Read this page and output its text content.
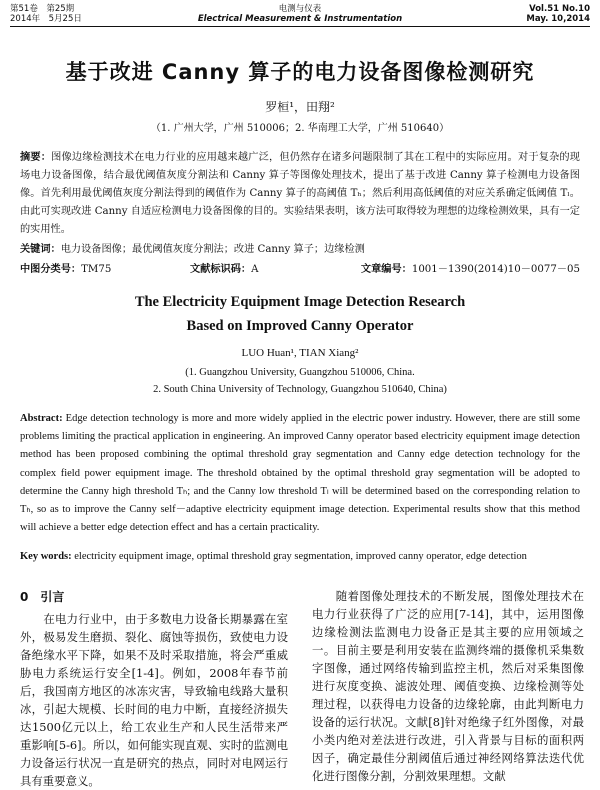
第51卷　第25期
2014年　5月25日
电测与仪表
Electrical Measurement & Instrumentation
Vol.51 No.10
May. 10,2014
基于改进 Canny 算子的电力设备图像检测研究
罗桓¹，田翔²
（1. 广州大学，广州 510006；2. 华南理工大学，广州 510640）
摘要：图像边缘检测技术在电力行业的应用越来越广泛，但仍然存在诸多问题限制了其在工程中的实际应用。对于复杂的现场电力设备图像，结合最优阈值灰度分割法和 Canny 算子等图像处理技术，提出了基于改进 Canny 算子检测电力设备图像。首先利用最优阈值灰度分割法得到的阈值作为 Canny 算子的高阈值 Tₕ；然后利用高低阈值的对应关系确定低阈值 Tₗ。由此可实现改进 Canny 自适应检测电力设备图像的目的。实验结果表明，该方法可取得较为理想的边缘检测效果，具有一定的实用性。
关键词：电力设备图像；最优阈值灰度分割法；改进 Canny 算子；边缘检测
中图分类号：TM75	文献标识码：A	文章编号：1001－1390(2014)10－0077－05
The Electricity Equipment Image Detection Research
Based on Improved Canny Operator
LUO Huan¹, TIAN Xiang²
(1. Guangzhou University, Guangzhou 510006, China.
2. South China University of Technology, Guangzhou 510640, China)
Abstract: Edge detection technology is more and more widely applied in the electric power industry. However, there are still some problems limiting the practical application in engineering. An improved Canny operator based electricity equipment image detection method has been proposed combining the optimal threshold gray segmentation and Canny edge detection technology for the complex field power equipment image. The threshold obtained by the optimal threshold gray segmentation will be adopted to determine the Canny high threshold Tₕ; and the Canny low threshold Tₗ will be determined based on the corresponding relation to Tₕ, so as to improve the Canny self－adaptive electricity equipment image detection. Experimental results show that this method will achieve a better edge detection effect and has a certain practicality.
Key words: electricity equipment image, optimal threshold gray segmentation, improved canny operator, edge detection
0　引言
　　在电力行业中，由于多数电力设备长期暴露在室外，极易发生磨损、裂化、腐蚀等损伤，致使电力设备绝缘水平下降，如果不及时采取措施，将会严重威胁电力系统运行安全[1-4]。例如，2008年春节前后，我国南方地区的冰冻灾害，导致输电线路大量积冰，引起大规模、长时间的电力中断，直接经济损失达1500亿元以上，给工农业生产和人民生活带来严重影响[5-6]。所以，如何能实现直观、实时的监测电力设备运行状况一直是研究的热点，同时对电网运行具有重要意义。
　　随着图像处理技术的不断发展，图像处理技术在电力行业获得了广泛的应用[7-14]，其中，运用图像边缘检测法监测电力设备正是其主要的应用领域之一。目前主要是利用安装在监测终端的摄像机采集数字图像，通过网络传输到监控主机，然后对采集图像进行灰度变换、滤波处理、阈值变换、边缘检测等处理过程，以获得电力设备的边缘轮廓，由此判断电力设备的运行状况。文献[8]针对绝缘子红外图像，对最小类内绝对差法进行改进，引入背景与目标的面积两因子，确定最佳分割阈值后通过神经网络算法迭代优化进行图像分割，分割效果理想。文献
